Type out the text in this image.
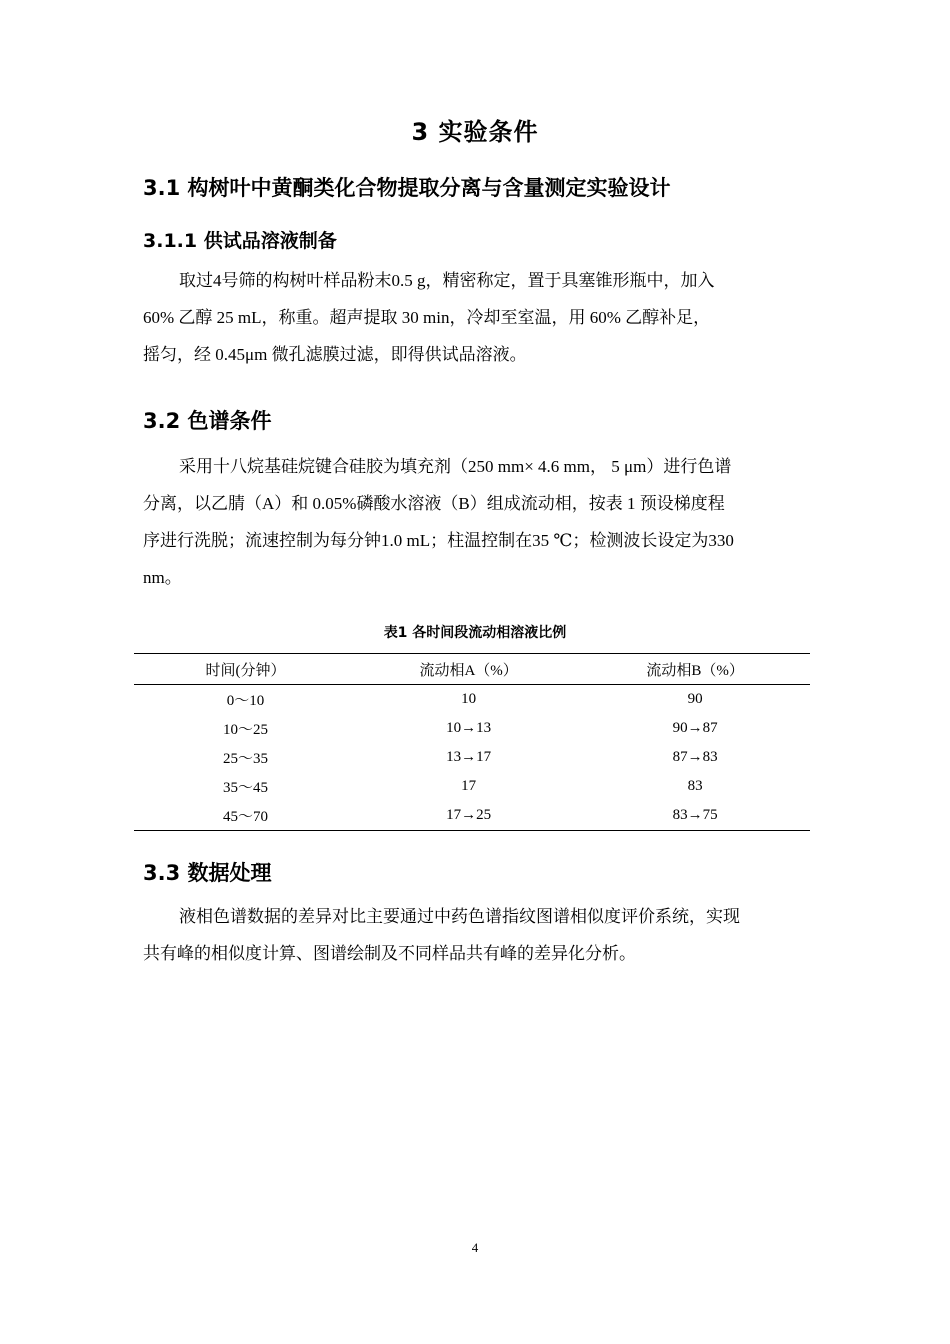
3 实验条件
3.1 构树叶中黄酮类化合物提取分离与含量测定实验设计
3.1.1 供试品溶液制备
取过4号筛的构树叶样品粉末0.5 g，精密称定，置于具塞锥形瓶中，加入
60% 乙醇 25 mL，称重。超声提取 30 min，冷却至室温，用 60% 乙醇补足，
摇匀，经 0.45μm 微孔滤膜过滤，即得供试品溶液。
3.2 色谱条件
采用十八烷基硅烷键合硅胶为填充剂（250 mm× 4.6 mm， 5 μm）进行色谱
分离，以乙腈（A）和 0.05%磷酸水溶液（B）组成流动相，按表 1 预设梯度程
序进行洗脱；流速控制为每分钟1.0 mL；柱温控制在35 ℃；检测波长设定为330
nm。
表1 各时间段流动相溶液比例
时间(分钟）	流动相A（%）	流动相B（%）
0～10	10	90
10～25	10→13	90→87
25～35	13→17	87→83
35～45	17	83
45～70	17→25	83→75
3.3 数据处理
液相色谱数据的差异对比主要通过中药色谱指纹图谱相似度评价系统，实现
共有峰的相似度计算、图谱绘制及不同样品共有峰的差异化分析。
4
